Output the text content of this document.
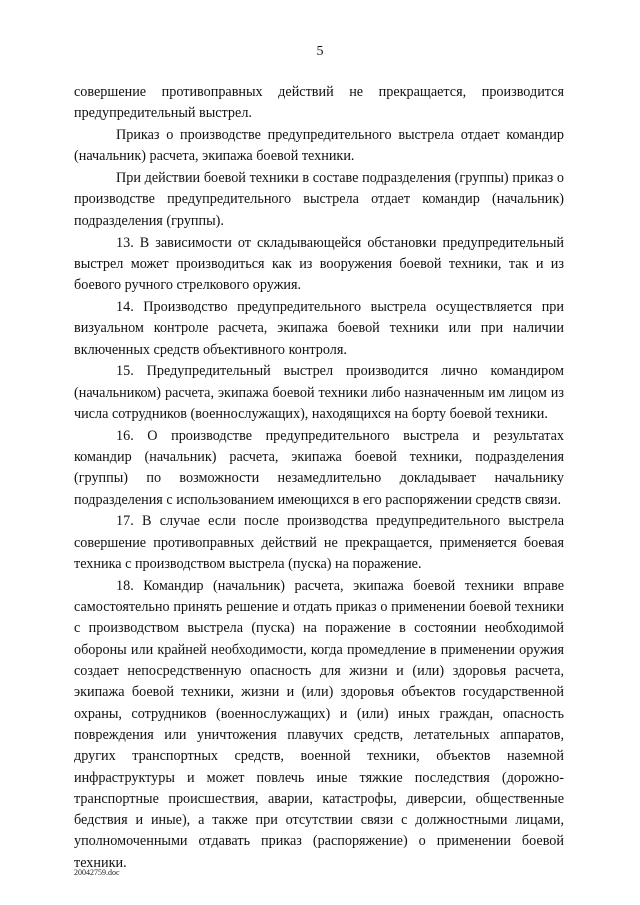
5

совершение противоправных действий не прекращается, производится предупредительный выстрел.

Приказ о производстве предупредительного выстрела отдает командир (начальник) расчета, экипажа боевой техники.

При действии боевой техники в составе подразделения (группы) приказ о производстве предупредительного выстрела отдает командир (начальник) подразделения (группы).

13. В зависимости от складывающейся обстановки предупредительный выстрел может производиться как из вооружения боевой техники, так и из боевого ручного стрелкового оружия.

14. Производство предупредительного выстрела осуществляется при визуальном контроле расчета, экипажа боевой техники или при наличии включенных средств объективного контроля.

15. Предупредительный выстрел производится лично командиром (начальником) расчета, экипажа боевой техники либо назначенным им лицом из числа сотрудников (военнослужащих), находящихся на борту боевой техники.

16. О производстве предупредительного выстрела и результатах командир (начальник) расчета, экипажа боевой техники, подразделения (группы) по возможности незамедлительно докладывает начальнику подразделения с использованием имеющихся в его распоряжении средств связи.

17. В случае если после производства предупредительного выстрела совершение противоправных действий не прекращается, применяется боевая техника с производством выстрела (пуска) на поражение.

18. Командир (начальник) расчета, экипажа боевой техники вправе самостоятельно принять решение и отдать приказ о применении боевой техники с производством выстрела (пуска) на поражение в состоянии необходимой обороны или крайней необходимости, когда промедление в применении оружия создает непосредственную опасность для жизни и (или) здоровья расчета, экипажа боевой техники, жизни и (или) здоровья объектов государственной охраны, сотрудников (военнослужащих) и (или) иных граждан, опасность повреждения или уничтожения плавучих средств, летательных аппаратов, других транспортных средств, военной техники, объектов наземной инфраструктуры и может повлечь иные тяжкие последствия (дорожно-транспортные происшествия, аварии, катастрофы, диверсии, общественные бедствия и иные), а также при отсутствии связи с должностными лицами, уполномоченными отдавать приказ (распоряжение) о применении боевой техники.

20042759.doc
